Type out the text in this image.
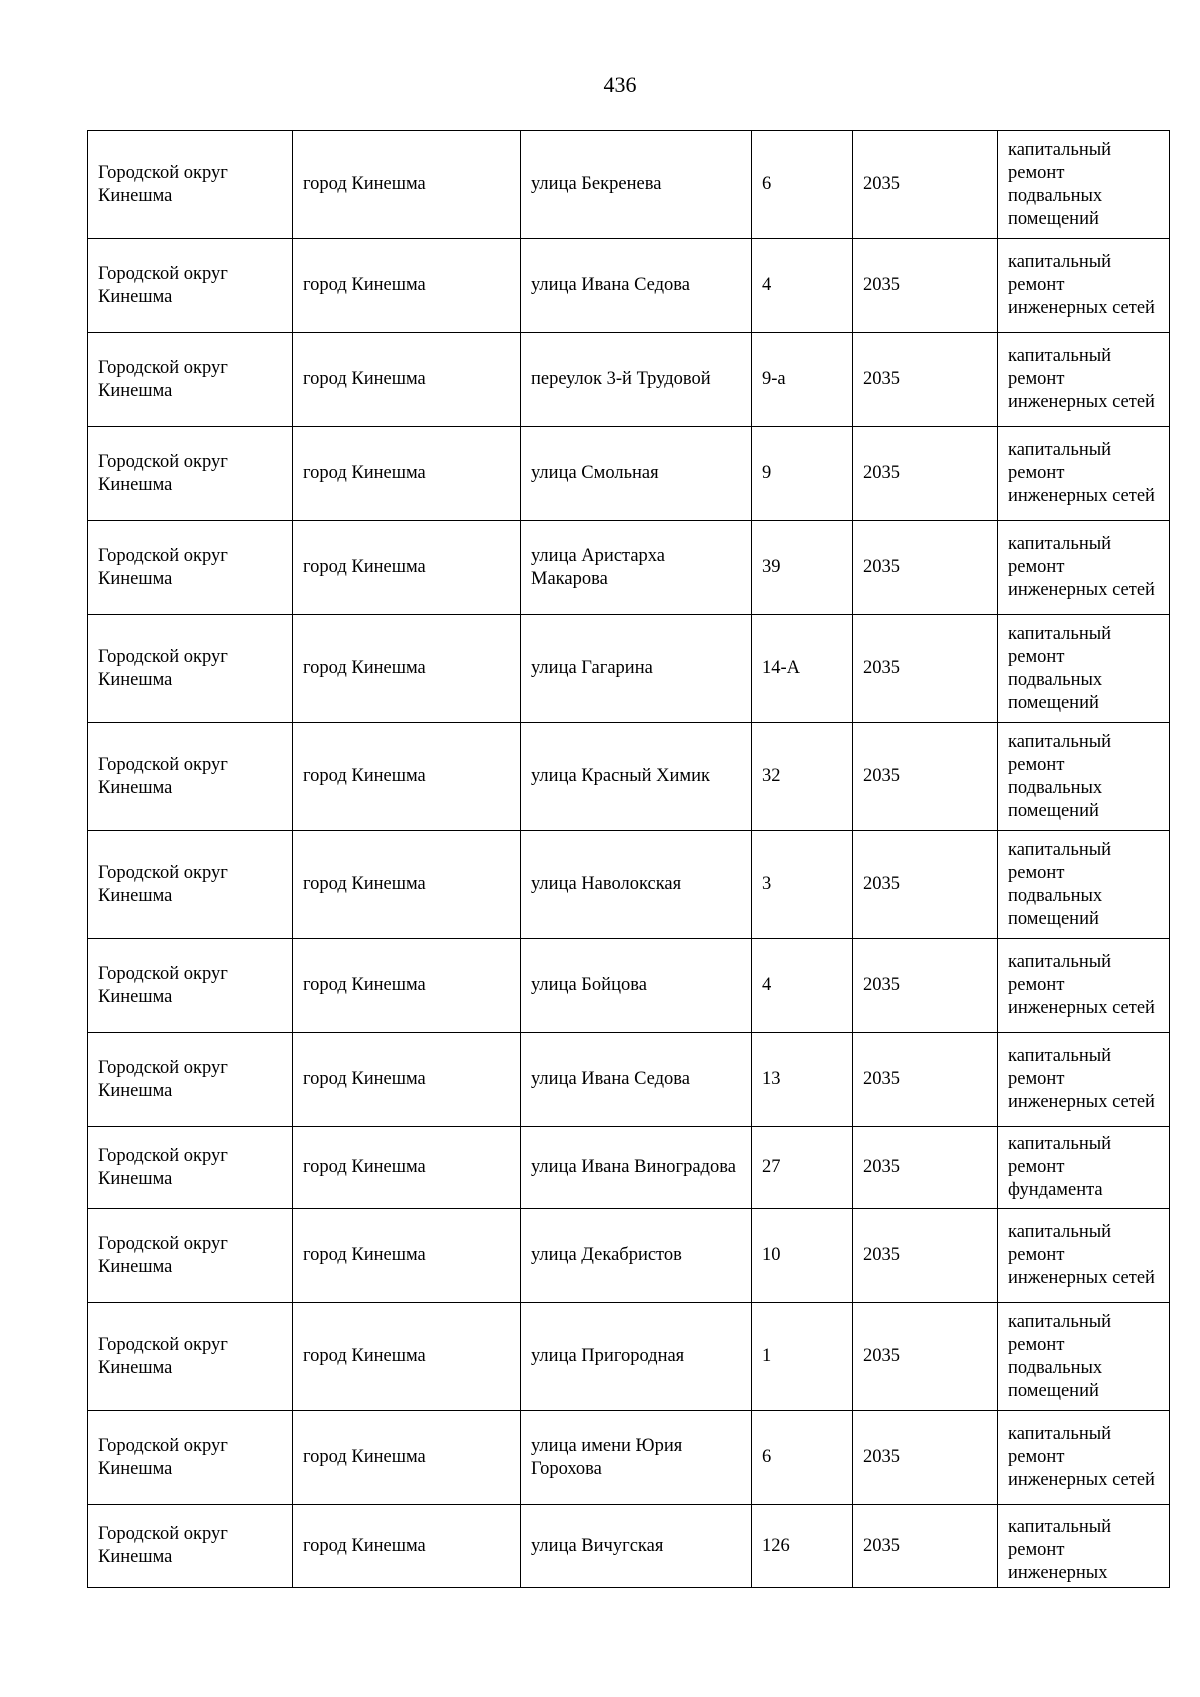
436
Городской округ Кинешма	город Кинешма	улица Бекренева	6	2035	капитальный ремонт подвальных помещений
Городской округ Кинешма	город Кинешма	улица Ивана Седова	4	2035	капитальный ремонт инженерных сетей
Городской округ Кинешма	город Кинешма	переулок 3-й Трудовой	9-а	2035	капитальный ремонт инженерных сетей
Городской округ Кинешма	город Кинешма	улица Смольная	9	2035	капитальный ремонт инженерных сетей
Городской округ Кинешма	город Кинешма	улица Аристарха Макарова	39	2035	капитальный ремонт инженерных сетей
Городской округ Кинешма	город Кинешма	улица Гагарина	14-А	2035	капитальный ремонт подвальных помещений
Городской округ Кинешма	город Кинешма	улица Красный Химик	32	2035	капитальный ремонт подвальных помещений
Городской округ Кинешма	город Кинешма	улица Наволокская	3	2035	капитальный ремонт подвальных помещений
Городской округ Кинешма	город Кинешма	улица Бойцова	4	2035	капитальный ремонт инженерных сетей
Городской округ Кинешма	город Кинешма	улица Ивана Седова	13	2035	капитальный ремонт инженерных сетей
Городской округ Кинешма	город Кинешма	улица Ивана Виноградова	27	2035	капитальный ремонт фундамента
Городской округ Кинешма	город Кинешма	улица Декабристов	10	2035	капитальный ремонт инженерных сетей
Городской округ Кинешма	город Кинешма	улица Пригородная	1	2035	капитальный ремонт подвальных помещений
Городской округ Кинешма	город Кинешма	улица имени Юрия Горохова	6	2035	капитальный ремонт инженерных сетей
Городской округ Кинешма	город Кинешма	улица Вичугская	126	2035	капитальный ремонт инженерных
